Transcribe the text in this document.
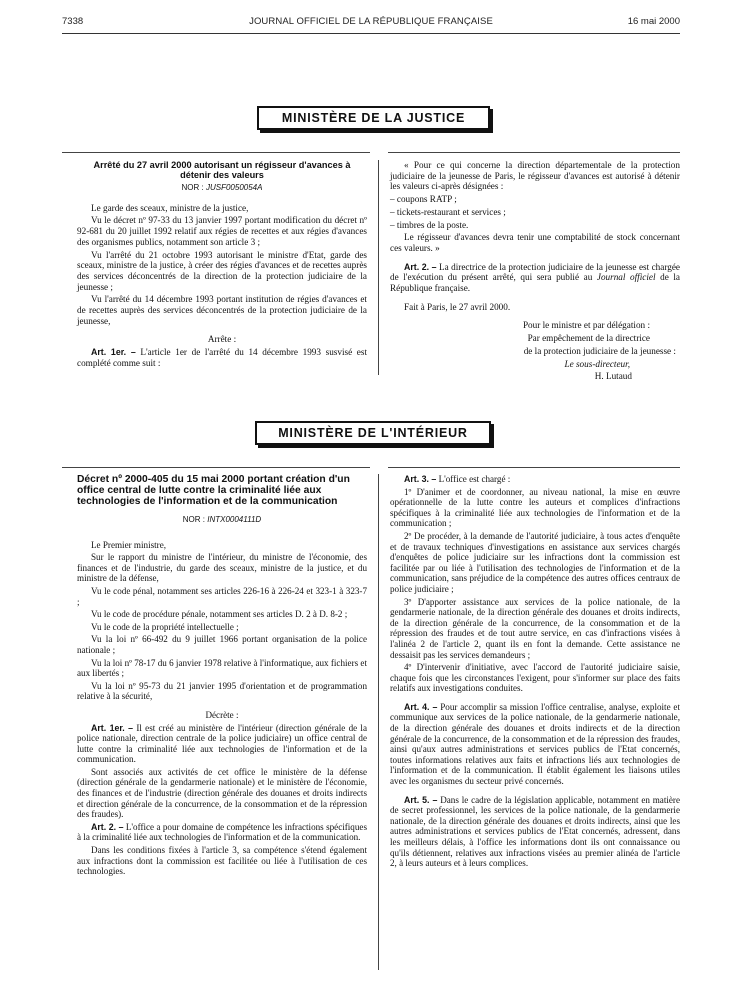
7338	JOURNAL OFFICIEL DE LA RÉPUBLIQUE FRANÇAISE	16 mai 2000
MINISTÈRE DE LA JUSTICE
Arrêté du 27 avril 2000 autorisant un régisseur d'avances à détenir des valeurs
NOR : JUSF0050054A

Le garde des sceaux, ministre de la justice,

Vu le décret nº 97-33 du 13 janvier 1997 portant modification du décret nº 92-681 du 20 juillet 1992 relatif aux régies de recettes et aux régies d'avances des organismes publics, notamment son article 3 ;

Vu l'arrêté du 21 octobre 1993 autorisant le ministre d'Etat, garde des sceaux, ministre de la justice, à créer des régies d'avances et de recettes auprès des services déconcentrés de la direction de la protection judiciaire de la jeunesse ;

Vu l'arrêté du 14 décembre 1993 portant institution de régies d'avances et de recettes auprès des services déconcentrés de la protection judiciaire de la jeunesse,

Arrête :

Art. 1er. – L'article 1er de l'arrêté du 14 décembre 1993 susvisé est complété comme suit :

« Pour ce qui concerne la direction départementale de la protection judiciaire de la jeunesse de Paris, le régisseur d'avances est autorisé à détenir les valeurs ci-après désignées :

– coupons RATP ;

– tickets-restaurant et services ;

– timbres de la poste.

Le régisseur d'avances devra tenir une comptabilité de stock concernant ces valeurs. »

Art. 2. – La directrice de la protection judiciaire de la jeunesse est chargée de l'exécution du présent arrêté, qui sera publié au Journal officiel de la République française.

Fait à Paris, le 27 avril 2000.

Pour le ministre et par délégation :

Par empêchement de la directrice

de la protection judiciaire de la jeunesse :

Le sous-directeur,

H. Lutaud

MINISTÈRE DE L'INTÉRIEUR
Décret nº 2000-405 du 15 mai 2000 portant création d'un office central de lutte contre la criminalité liée aux technologies de l'information et de la communication
NOR : INTX0004111D

Le Premier ministre,

Sur le rapport du ministre de l'intérieur, du ministre de l'économie, des finances et de l'industrie, du garde des sceaux, ministre de la justice, et du ministre de la défense,

Vu le code pénal, notamment ses articles 226-16 à 226-24 et 323-1 à 323-7 ;

Vu le code de procédure pénale, notamment ses articles D. 2 à D. 8-2 ;

Vu le code de la propriété intellectuelle ;

Vu la loi nº 66-492 du 9 juillet 1966 portant organisation de la police nationale ;

Vu la loi nº 78-17 du 6 janvier 1978 relative à l'informatique, aux fichiers et aux libertés ;

Vu la loi nº 95-73 du 21 janvier 1995 d'orientation et de programmation relative à la sécurité,

Décrète :

Art. 1er. – Il est créé au ministère de l'intérieur (direction générale de la police nationale, direction centrale de la police judiciaire) un office central de lutte contre la criminalité liée aux technologies de l'information et de la communication.

Sont associés aux activités de cet office le ministère de la défense (direction générale de la gendarmerie nationale) et le ministère de l'économie, des finances et de l'industrie (direction générale des douanes et droits indirects et direction générale de la concurrence, de la consommation et de la répression des fraudes).

Art. 2. – L'office a pour domaine de compétence les infractions spécifiques à la criminalité liée aux technologies de l'information et de la communication.

Dans les conditions fixées à l'article 3, sa compétence s'étend également aux infractions dont la commission est facilitée ou liée à l'utilisation de ces technologies.

Art. 3. – L'office est chargé :

1º D'animer et de coordonner, au niveau national, la mise en œuvre opérationnelle de la lutte contre les auteurs et complices d'infractions spécifiques à la criminalité liée aux technologies de l'information et de la communication ;

2º De procéder, à la demande de l'autorité judiciaire, à tous actes d'enquête et de travaux techniques d'investigations en assistance aux services chargés d'enquêtes de police judiciaire sur les infractions dont la commission est facilitée par ou liée à l'utilisation des technologies de l'information et de la communication, sans préjudice de la compétence des autres offices centraux de police judiciaire ;

3º D'apporter assistance aux services de la police nationale, de la gendarmerie nationale, de la direction générale des douanes et droits indirects, de la direction générale de la concurrence, de la consommation et de la répression des fraudes et de tout autre service, en cas d'infractions visées à l'alinéa 2 de l'article 2, quant ils en font la demande. Cette assistance ne dessaisit pas les services demandeurs ;

4º D'intervenir d'initiative, avec l'accord de l'autorité judiciaire saisie, chaque fois que les circonstances l'exigent, pour s'informer sur place des faits relatifs aux investigations conduites.

Art. 4. – Pour accomplir sa mission l'office centralise, analyse, exploite et communique aux services de la police nationale, de la gendarmerie nationale, de la direction générale des douanes et droits indirects et de la direction générale de la concurrence, de la consommation et de la répression des fraudes, ainsi qu'aux autres administrations et services publics de l'Etat concernés, toutes informations relatives aux faits et infractions liés aux technologies de l'information et de la communication. Il établit également les liaisons utiles avec les organismes du secteur privé concernés.

Art. 5. – Dans le cadre de la législation applicable, notamment en matière de secret professionnel, les services de la police nationale, de la gendarmerie nationale, de la direction générale des douanes et droits indirects, ainsi que les autres administrations et services publics de l'Etat concernés, adressent, dans les meilleurs délais, à l'office les informations dont ils ont connaissance ou qu'ils détiennent, relatives aux infractions visées au premier alinéa de l'article 2, à leurs auteurs et à leurs complices.
